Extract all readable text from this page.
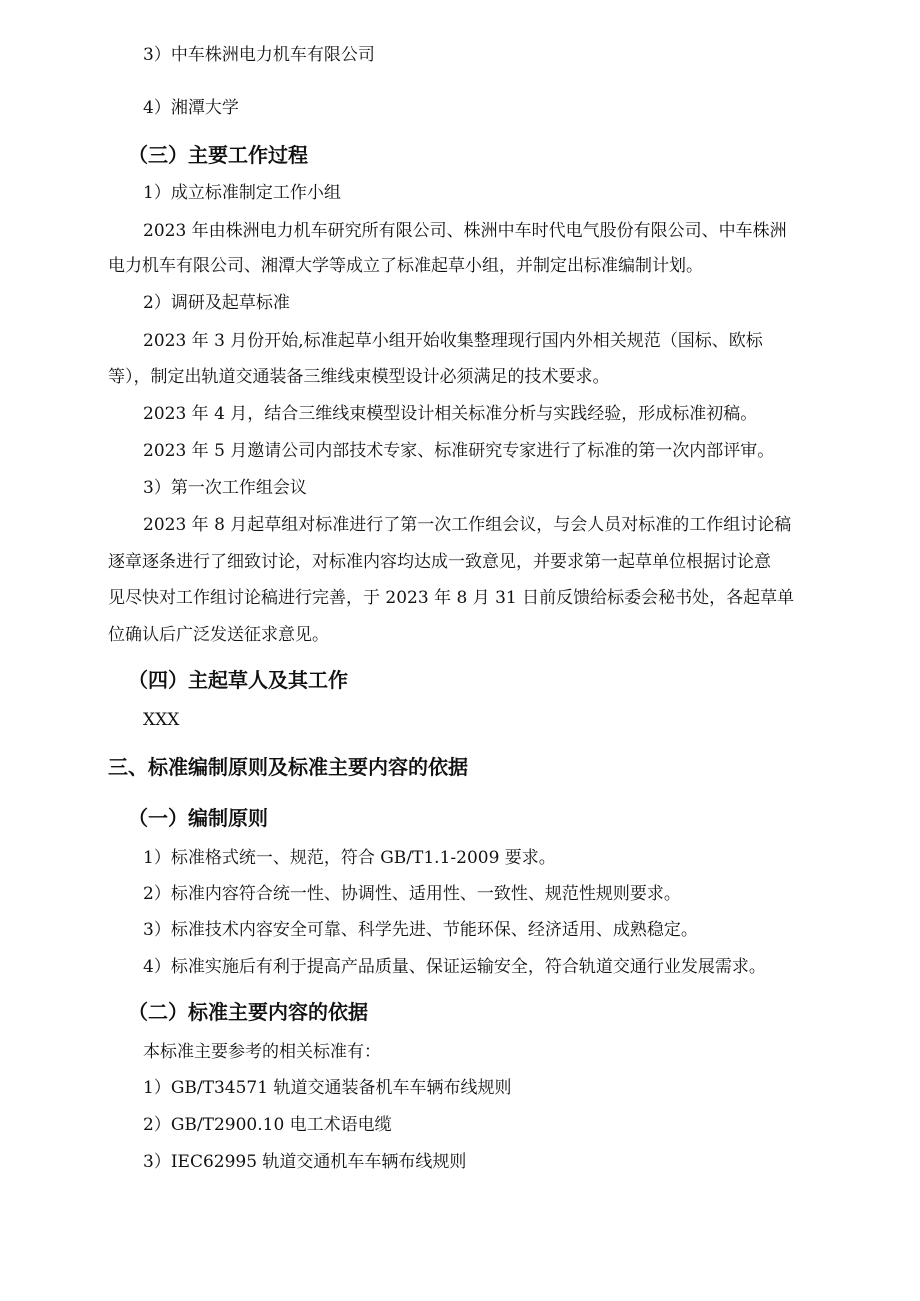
3）中车株洲电力机车有限公司
4）湘潭大学
（三）主要工作过程
1）成立标准制定工作小组
2023 年由株洲电力机车研究所有限公司、株洲中车时代电气股份有限公司、中车株洲
电力机车有限公司、湘潭大学等成立了标准起草小组，并制定出标准编制计划。
2）调研及起草标准
2023 年 3 月份开始,标准起草小组开始收集整理现行国内外相关规范（国标、欧标
等），制定出轨道交通装备三维线束模型设计必须满足的技术要求。
2023 年 4 月，结合三维线束模型设计相关标准分析与实践经验，形成标准初稿。
2023 年 5 月邀请公司内部技术专家、标准研究专家进行了标准的第一次内部评审。
3）第一次工作组会议
2023 年 8 月起草组对标准进行了第一次工作组会议，与会人员对标准的工作组讨论稿
逐章逐条进行了细致讨论，对标准内容均达成一致意见，并要求第一起草单位根据讨论意
见尽快对工作组讨论稿进行完善，于 2023 年 8 月 31 日前反馈给标委会秘书处，各起草单
位确认后广泛发送征求意见。
（四）主起草人及其工作
XXX
三、标准编制原则及标准主要内容的依据
（一）编制原则
1）标准格式统一、规范，符合 GB/T1.1-2009 要求。
2）标准内容符合统一性、协调性、适用性、一致性、规范性规则要求。
3）标准技术内容安全可靠、科学先进、节能环保、经济适用、成熟稳定。
4）标准实施后有利于提高产品质量、保证运输安全，符合轨道交通行业发展需求。
（二）标准主要内容的依据
本标准主要参考的相关标准有：
1）GB/T34571 轨道交通装备机车车辆布线规则
2）GB/T2900.10 电工术语电缆
3）IEC62995 轨道交通机车车辆布线规则
